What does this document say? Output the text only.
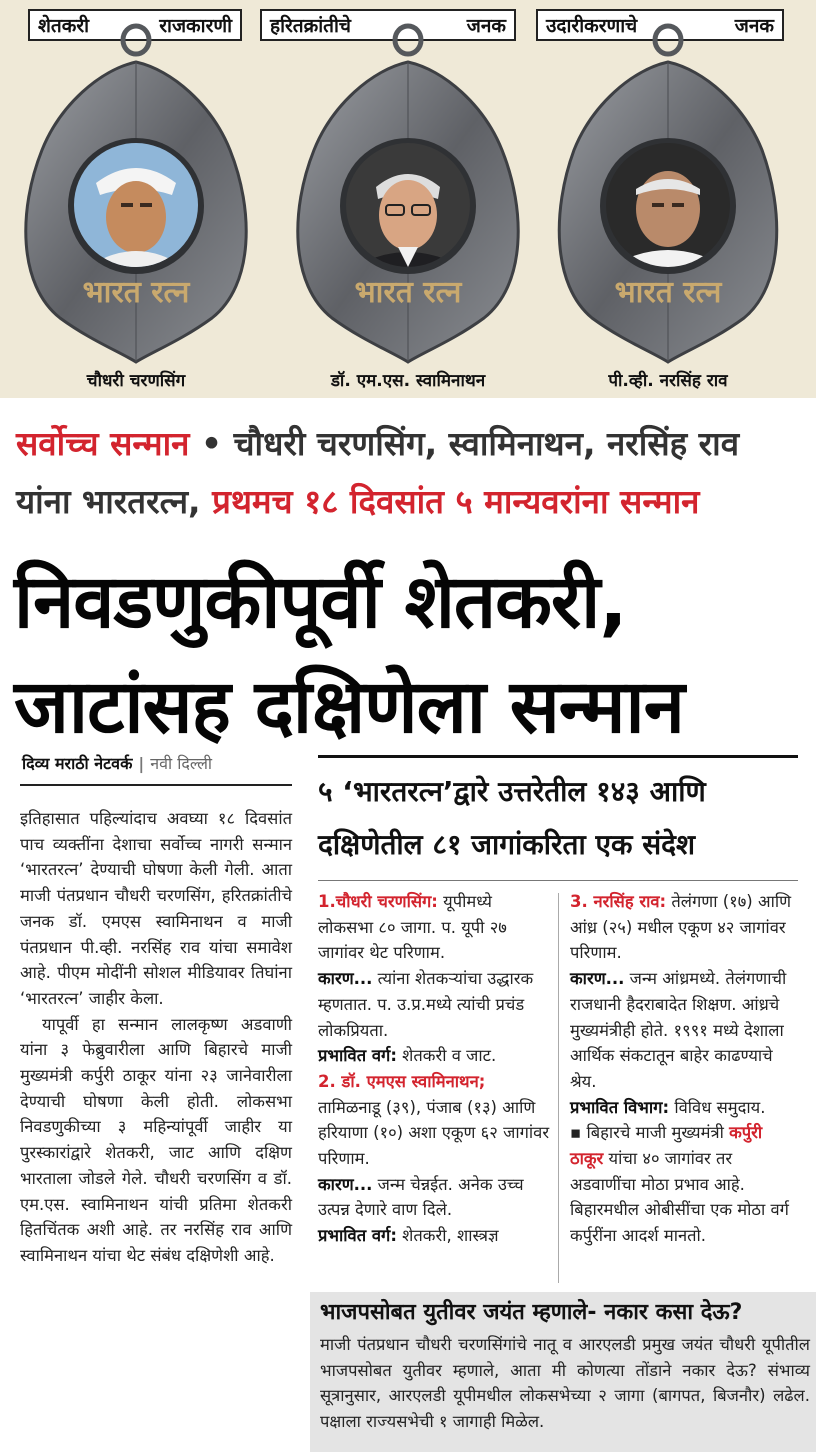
शेतकरी	राजकारणी
भारत रत्न
चौधरी चरणसिंग
हरितक्रांतीचे	जनक
भारत रत्न
डॉ. एम.एस. स्वामिनाथन
उदारीकरणाचे	जनक
भारत रत्न
पी.व्ही. नरसिंह राव
सर्वोच्च सन्मान • चौधरी चरणसिंग, स्वामिनाथन, नरसिंह राव
यांना भारतरत्न, प्रथमच १८ दिवसांत ५ मान्यवरांना सन्मान
निवडणुकीपूर्वी शेतकरी,
जाटांसह दक्षिणेला सन्मान
दिव्य मराठी नेटवर्क | नवी दिल्ली
५ ‘भारतरत्न’द्वारे उत्तरेतील १४३ आणि
दक्षिणेतील ८१ जागांकरिता एक संदेश

इतिहासात पहिल्यांदाच अवघ्या १८ दिवसांत पाच व्यक्तींना देशाचा सर्वोच्च नागरी सन्मान ‘भारतरत्न’ देण्याची घोषणा केली गेली. आता माजी पंतप्रधान चौधरी चरणसिंग, हरितक्रांतीचे जनक डॉ. एमएस स्वामिनाथन व माजी पंतप्रधान पी.व्ही. नरसिंह राव यांचा समावेश आहे. पीएम मोदींनी सोशल मीडियावर तिघांना ‘भारतरत्न’ जाहीर केला.

यापूर्वी हा सन्मान लालकृष्ण अडवाणी यांना ३ फेब्रुवारीला आणि बिहारचे माजी मुख्यमंत्री कर्पुरी ठाकूर यांना २३ जानेवारीला देण्याची घोषणा केली होती. लोकसभा निवडणुकीच्या ३ महिन्यांपूर्वी जाहीर या पुरस्कारांद्वारे शेतकरी, जाट आणि दक्षिण भारताला जोडले गेले. चौधरी चरणसिंग व डॉ. एम.एस. स्वामिनाथन यांची प्रतिमा शेतकरी हितचिंतक अशी आहे. तर नरसिंह राव आणि स्वामिनाथन यांचा थेट संबंध दक्षिणेशी आहे.

1.चौधरी चरणसिंग: यूपीमध्ये लोकसभा ८० जागा. प. यूपी २७ जागांवर थेट परिणाम.

कारण... त्यांना शेतकऱ्यांचा उद्धारक म्हणतात. प. उ.प्र.मध्ये त्यांची प्रचंड लोकप्रियता.

प्रभावित वर्ग: शेतकरी व जाट.

2. डॉ. एमएस स्वामिनाथन; तामिळनाडू (३९), पंजाब (१३) आणि हरियाणा (१०) अशा एकूण ६२ जागांवर परिणाम.

कारण... जन्म चेन्नईत. अनेक उच्च उत्पन्न देणारे वाण दिले.

प्रभावित वर्ग: शेतकरी, शास्त्रज्ञ

3. नरसिंह राव: तेलंगणा (१७) आणि आंध्र (२५) मधील एकूण ४२ जागांवर परिणाम.

कारण... जन्म आंध्रमध्ये. तेलंगणाची राजधानी हैदराबादेत शिक्षण. आंध्रचे मुख्यमंत्रीही होते. १९९१ मध्ये देशाला आर्थिक संकटातून बाहेर काढण्याचे श्रेय.

प्रभावित विभाग: विविध समुदाय.

▪ बिहारचे माजी मुख्यमंत्री कर्पुरी ठाकूर यांचा ४० जागांवर तर अडवाणींचा मोठा प्रभाव आहे. बिहारमधील ओबीसींचा एक मोठा वर्ग कर्पुरींना आदर्श मानतो.

भाजपसोबत युतीवर जयंत म्हणाले- नकार कसा देऊ?
माजी पंतप्रधान चौधरी चरणसिंगांचे नातू व आरएलडी प्रमुख जयंत चौधरी यूपीतील भाजपसोबत युतीवर म्हणाले, आता मी कोणत्या तोंडाने नकार देऊ? संभाव्य सूत्रानुसार, आरएलडी यूपीमधील लोकसभेच्या २ जागा (बागपत, बिजनौर) लढेल. पक्षाला राज्यसभेची १ जागाही मिळेल.
